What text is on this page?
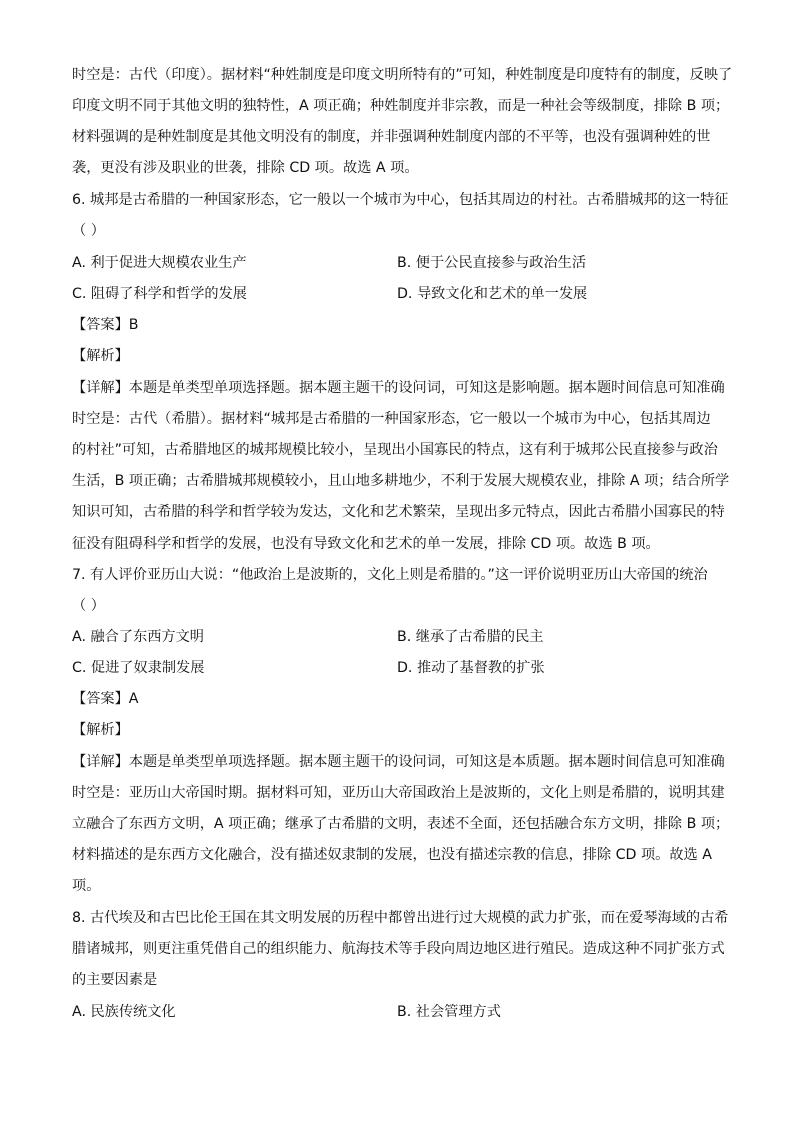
时空是：古代（印度）。据材料“种姓制度是印度文明所特有的”可知，种姓制度是印度特有的制度，反映了
印度文明不同于其他文明的独特性，A 项正确；种姓制度并非宗教，而是一种社会等级制度，排除 B 项；
材料强调的是种姓制度是其他文明没有的制度，并非强调种姓制度内部的不平等，也没有强调种姓的世
袭，更没有涉及职业的世袭，排除 CD 项。故选 A 项。
6. 城邦是古希腊的一种国家形态，它一般以一个城市为中心，包括其周边的村社。古希腊城邦的这一特征
（ ）
A. 利于促进大规模农业生产	B. 便于公民直接参与政治生活
C. 阻碍了科学和哲学的发展	D. 导致文化和艺术的单一发展
【答案】B
【解析】
【详解】本题是单类型单项选择题。据本题主题干的设问词，可知这是影响题。据本题时间信息可知准确
时空是：古代（希腊）。据材料“城邦是古希腊的一种国家形态，它一般以一个城市为中心，包括其周边
的村社”可知，古希腊地区的城邦规模比较小，呈现出小国寡民的特点，这有利于城邦公民直接参与政治
生活，B 项正确；古希腊城邦规模较小，且山地多耕地少，不利于发展大规模农业，排除 A 项；结合所学
知识可知，古希腊的科学和哲学较为发达，文化和艺术繁荣，呈现出多元特点，因此古希腊小国寡民的特
征没有阻碍科学和哲学的发展，也没有导致文化和艺术的单一发展，排除 CD 项。故选 B 项。
7. 有人评价亚历山大说：“他政治上是波斯的，文化上则是希腊的。”这一评价说明亚历山大帝国的统治
（ ）
A. 融合了东西方文明	B. 继承了古希腊的民主
C. 促进了奴隶制发展	D. 推动了基督教的扩张
【答案】A
【解析】
【详解】本题是单类型单项选择题。据本题主题干的设问词，可知这是本质题。据本题时间信息可知准确
时空是：亚历山大帝国时期。据材料可知，亚历山大帝国政治上是波斯的，文化上则是希腊的，说明其建
立融合了东西方文明，A 项正确；继承了古希腊的文明，表述不全面，还包括融合东方文明，排除 B 项；
材料描述的是东西方文化融合，没有描述奴隶制的发展，也没有描述宗教的信息，排除 CD 项。故选 A
项。
8. 古代埃及和古巴比伦王国在其文明发展的历程中都曾出进行过大规模的武力扩张，而在爱琴海域的古希
腊诸城邦，则更注重凭借自己的组织能力、航海技术等手段向周边地区进行殖民。造成这种不同扩张方式
的主要因素是
A. 民族传统文化	B. 社会管理方式
